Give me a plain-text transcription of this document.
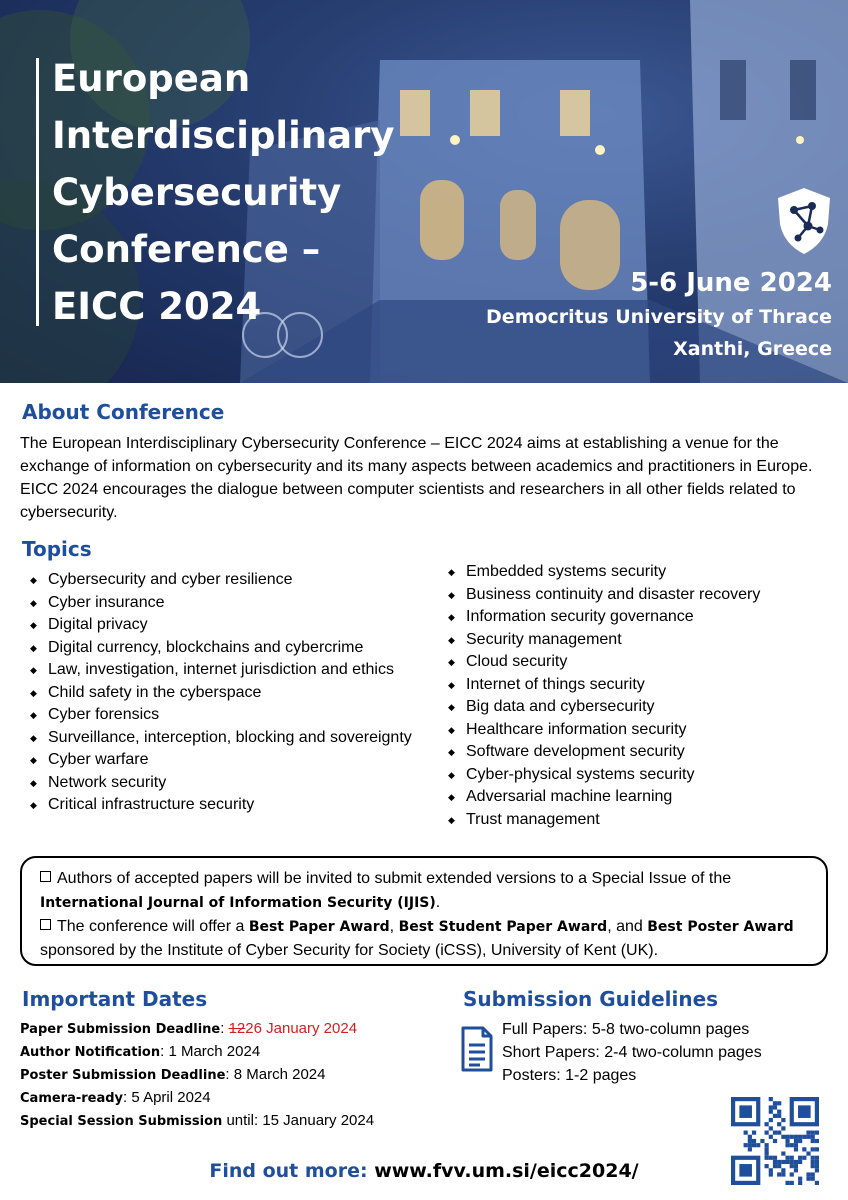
European
Interdisciplinary
Cybersecurity
Conference –
EICC 2024
5-6 June 2024
Democritus University of Thrace
Xanthi, Greece
About Conference
The European Interdisciplinary Cybersecurity Conference – EICC 2024 aims at establishing a venue for the exchange of information on cybersecurity and its many aspects between academics and practitioners in Europe. EICC 2024 encourages the dialogue between computer scientists and researchers in all other fields related to cybersecurity.
Topics
◆ Cybersecurity and cyber resilience
◆ Cyber insurance
◆ Digital privacy
◆ Digital currency, blockchains and cybercrime
◆ Law, investigation, internet jurisdiction and ethics
◆ Child safety in the cyberspace
◆ Cyber forensics
◆ Surveillance, interception, blocking and sovereignty
◆ Cyber warfare
◆ Network security
◆ Critical infrastructure security
◆ Embedded systems security
◆ Business continuity and disaster recovery
◆ Information security governance
◆ Security management
◆ Cloud security
◆ Internet of things security
◆ Big data and cybersecurity
◆ Healthcare information security
◆ Software development security
◆ Cyber-physical systems security
◆ Adversarial machine learning
◆ Trust management
Authors of accepted papers will be invited to submit extended versions to a Special Issue of the International Journal of Information Security (IJIS).
The conference will offer a Best Paper Award, Best Student Paper Award, and Best Poster Award
sponsored by the Institute of Cyber Security for Society (iCSS), University of Kent (UK).
Important Dates
Paper Submission Deadline: 1226 January 2024
Author Notification: 1 March 2024
Poster Submission Deadline: 8 March 2024
Camera-ready: 5 April 2024
Special Session Submission until: 15 January 2024
Submission Guidelines
Full Papers: 5-8 two-column pages
Short Papers: 2-4 two-column pages
Posters: 1-2 pages
Find out more: www.fvv.um.si/eicc2024/
